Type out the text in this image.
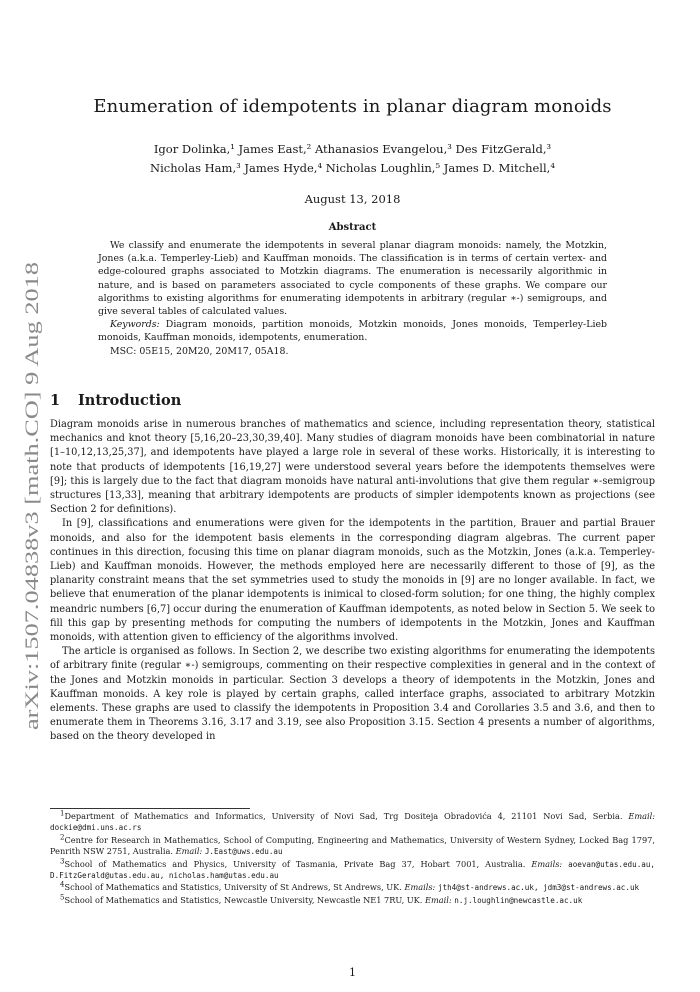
arXiv:1507.04838v3 [math.CO] 9 Aug 2018
Enumeration of idempotents in planar diagram monoids
Igor Dolinka,¹ James East,² Athanasios Evangelou,³ Des FitzGerald,³
Nicholas Ham,³ James Hyde,⁴ Nicholas Loughlin,⁵ James D. Mitchell,⁴
August 13, 2018
Abstract

We classify and enumerate the idempotents in several planar diagram monoids: namely, the Motzkin, Jones (a.k.a. Temperley-Lieb) and Kauffman monoids. The classification is in terms of certain vertex- and edge-coloured graphs associated to Motzkin diagrams. The enumeration is necessarily algorithmic in nature, and is based on parameters associated to cycle components of these graphs. We compare our algorithms to existing algorithms for enumerating idempotents in arbitrary (regular ∗-) semigroups, and give several tables of calculated values.

Keywords: Diagram monoids, partition monoids, Motzkin monoids, Jones monoids, Temperley-Lieb monoids, Kauffman monoids, idempotents, enumeration.

MSC: 05E15, 20M20, 20M17, 05A18.

1 Introduction

Diagram monoids arise in numerous branches of mathematics and science, including representation theory, statistical mechanics and knot theory [5,16,20–23,30,39,40]. Many studies of diagram monoids have been combinatorial in nature [1–10,12,13,25,37], and idempotents have played a large role in several of these works. Historically, it is interesting to note that products of idempotents [16,19,27] were understood several years before the idempotents themselves were [9]; this is largely due to the fact that diagram monoids have natural anti-involutions that give them regular ∗-semigroup structures [13,33], meaning that arbitrary idempotents are products of simpler idempotents known as projections (see Section 2 for definitions).

In [9], classifications and enumerations were given for the idempotents in the partition, Brauer and partial Brauer monoids, and also for the idempotent basis elements in the corresponding diagram algebras. The current paper continues in this direction, focusing this time on planar diagram monoids, such as the Motzkin, Jones (a.k.a. Temperley-Lieb) and Kauffman monoids. However, the methods employed here are necessarily different to those of [9], as the planarity constraint means that the set symmetries used to study the monoids in [9] are no longer available. In fact, we believe that enumeration of the planar idempotents is inimical to closed-form solution; for one thing, the highly complex meandric numbers [6,7] occur during the enumeration of Kauffman idempotents, as noted below in Section 5. We seek to fill this gap by presenting methods for computing the numbers of idempotents in the Motzkin, Jones and Kauffman monoids, with attention given to efficiency of the algorithms involved.

The article is organised as follows. In Section 2, we describe two existing algorithms for enumerating the idempotents of arbitrary finite (regular ∗-) semigroups, commenting on their respective complexities in general and in the context of the Jones and Motzkin monoids in particular. Section 3 develops a theory of idempotents in the Motzkin, Jones and Kauffman monoids. A key role is played by certain graphs, called interface graphs, associated to arbitrary Motzkin elements. These graphs are used to classify the idempotents in Proposition 3.4 and Corollaries 3.5 and 3.6, and then to enumerate them in Theorems 3.16, 3.17 and 3.19, see also Proposition 3.15. Section 4 presents a number of algorithms, based on the theory developed in

$^1$Department of Mathematics and Informatics, University of Novi Sad, Trg Dositeja Obradovića 4, 21101 Novi Sad, Serbia. Email: dockie@dmi.uns.ac.rs

$^2$Centre for Research in Mathematics, School of Computing, Engineering and Mathematics, University of Western Sydney, Locked Bag 1797, Penrith NSW 2751, Australia. Email: J.East@uws.edu.au

$^3$School of Mathematics and Physics, University of Tasmania, Private Bag 37, Hobart 7001, Australia. Emails: aoevan@utas.edu.au, D.FitzGerald@utas.edu.au, nicholas.ham@utas.edu.au

$^4$School of Mathematics and Statistics, University of St Andrews, St Andrews, UK. Emails: jth4@st-andrews.ac.uk, jdm3@st-andrews.ac.uk

$^5$School of Mathematics and Statistics, Newcastle University, Newcastle NE1 7RU, UK. Email: n.j.loughlin@newcastle.ac.uk

1
